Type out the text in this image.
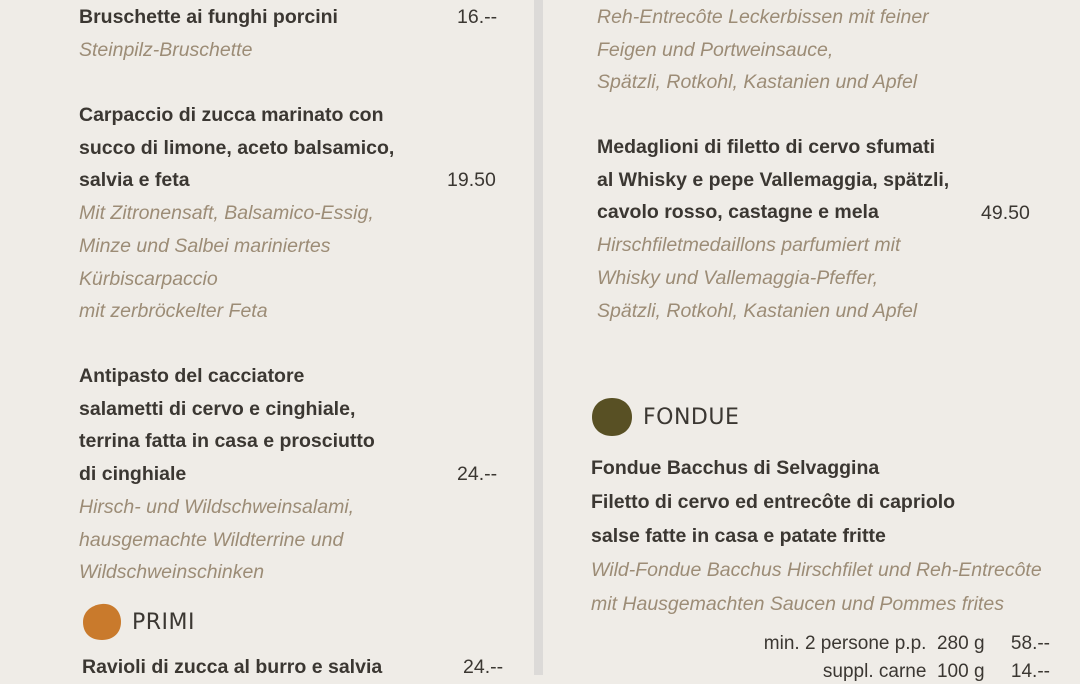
Bruschette ai funghi porcini
Steinpilz-Bruschette
16.--
Carpaccio di zucca marinato con
succo di limone, aceto balsamico,
salvia e feta
Mit Zitronensaft, Balsamico-Essig,
Minze und Salbei mariniertes
Kürbiscarpaccio
mit zerbröckelter Feta
19.50
Antipasto del cacciatore
salametti di cervo e cinghiale,
terrina fatta in casa e prosciutto
di cinghiale
Hirsch- und Wildschweinsalami,
hausgemachte Wildterrine und
Wildschweinschinken
24.--
PRIMI
Ravioli di zucca al burro e salvia	24.--
Reh-Entrecôte Leckerbissen mit feiner
Feigen und Portweinsauce,
Spätzli, Rotkohl, Kastanien und Apfel
Medaglioni di filetto di cervo sfumati
al Whisky e pepe Vallemaggia, spätzli,
cavolo rosso, castagne e mela
Hirschfiletmedaillons parfumiert mit
Whisky und Vallemaggia-Pfeffer,
Spätzli, Rotkohl, Kastanien und Apfel
49.50
FONDUE
Fondue Bacchus di Selvaggina
Filetto di cervo ed entrecôte di capriolo
salse fatte in casa e patate fritte
Wild-Fondue Bacchus Hirschfilet und Reh-Entrecôte
mit Hausgemachten Saucen und Pommes frites
min. 2 persone p.p.  280 g     58.--
suppl. carne  100 g     14.--
